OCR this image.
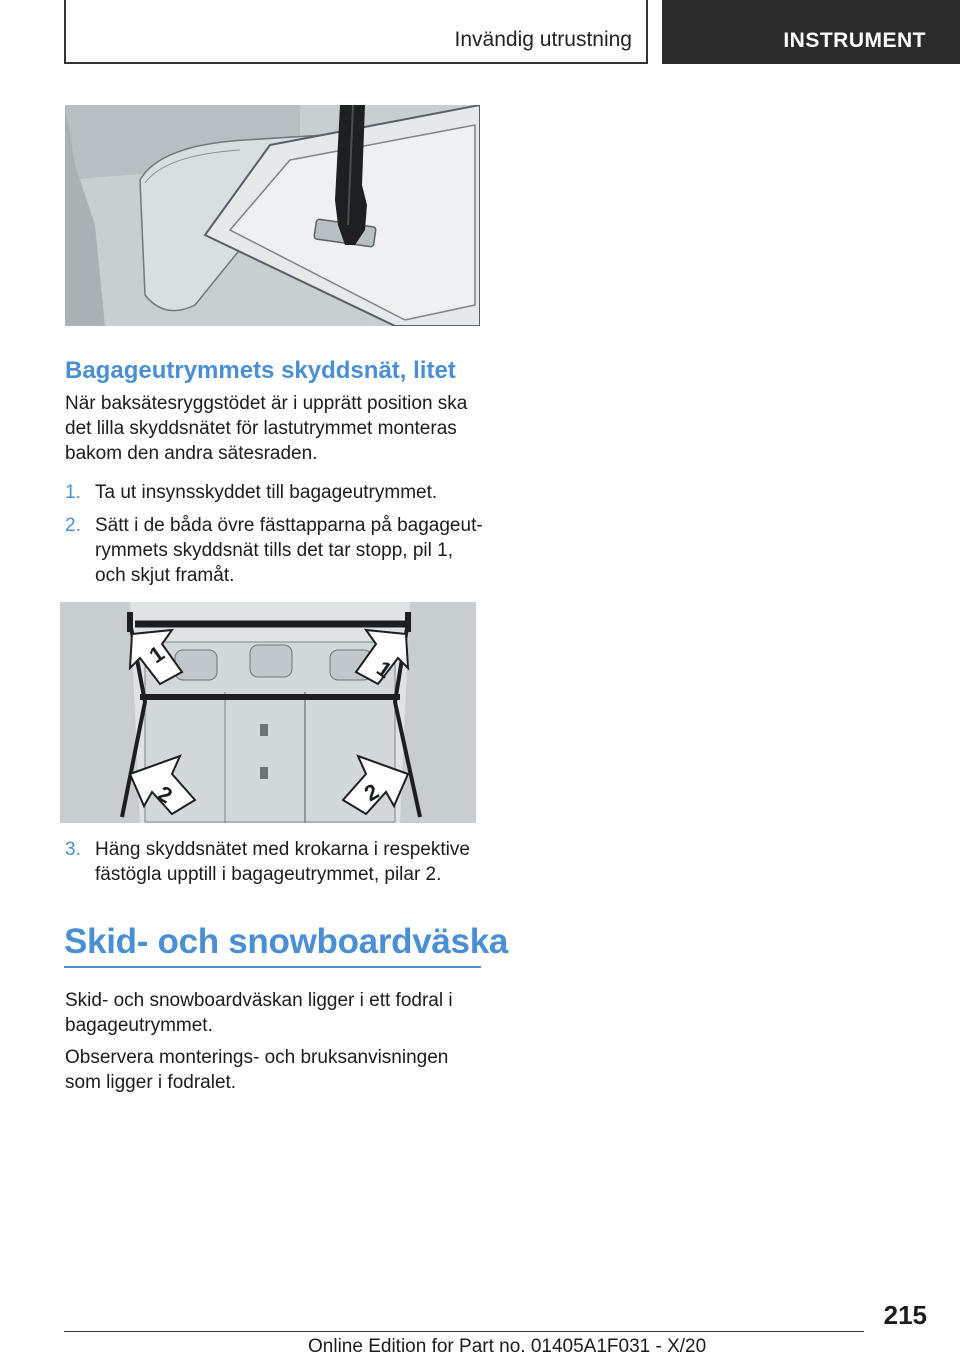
Invändig utrustning	INSTRUMENT
Bagageutrymmets skyddsnät, litet

När baksätesryggstödet är i upprätt position ska det lilla skyddsnätet för lastutrymmet monteras bakom den andra sätesraden.

1. Ta ut insynsskyddet till bagageutrymmet.
2. Sätt i de båda övre fästtapparna på bagageut-rymmets skyddsnät tills det tar stopp, pil 1, och skjut framåt.
1
1
2	2
3. Häng skyddsnätet med krokarna i respektive fästögla upptill i bagageutrymmet, pilar 2.
Skid- och snowboardväska

Skid- och snowboardväskan ligger i ett fodral i bagageutrymmet.

Observera monterings- och bruksanvisningen som ligger i fodralet.

215
Online Edition for Part no. 01405A1F031 - X/20
